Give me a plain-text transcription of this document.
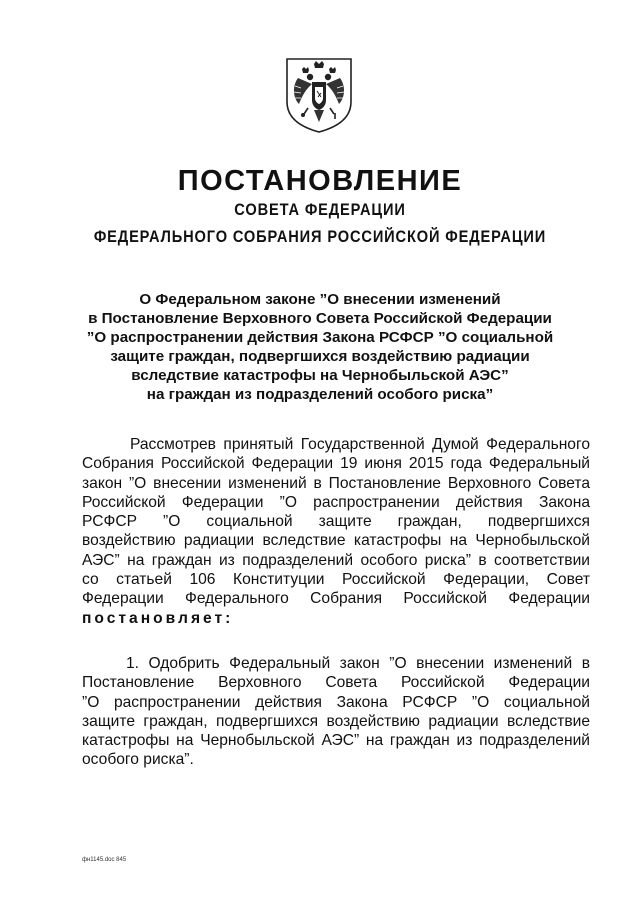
ПОСТАНОВЛЕНИЕ
СОВЕТА ФЕДЕРАЦИИ
ФЕДЕРАЛЬНОГО СОБРАНИЯ РОССИЙСКОЙ ФЕДЕРАЦИИ
О Федеральном законе ”О внесении изменений
в Постановление Верховного Совета Российской Федерации
”О распространении действия Закона РСФСР ”О социальной
защите граждан, подвергшихся воздействию радиации
вследствие катастрофы на Чернобыльской АЭС”
на граждан из подразделений особого риска”
Рассмотрев принятый Государственной Думой Федерального
Собрания Российской Федерации 19 июня 2015 года Федеральный
закон ”О внесении изменений в Постановление Верховного Совета
Российской Федерации ”О распространении действия Закона
РСФСР ”О социальной защите граждан, подвергшихся
воздействию радиации вследствие катастрофы на Чернобыльской
АЭС” на граждан из подразделений особого риска” в соответствии
со статьей 106 Конституции Российской Федерации, Совет
Федерации Федерального Собрания Российской Федерации
постановляет:
1. Одобрить Федеральный закон ”О внесении изменений в
Постановление Верховного Совета Российской Федерации
”О распространении действия Закона РСФСР ”О социальной
защите граждан, подвергшихся воздействию радиации вследствие
катастрофы на Чернобыльской АЭС” на граждан из подразделений
особого риска”.
фн1145.doc 845
